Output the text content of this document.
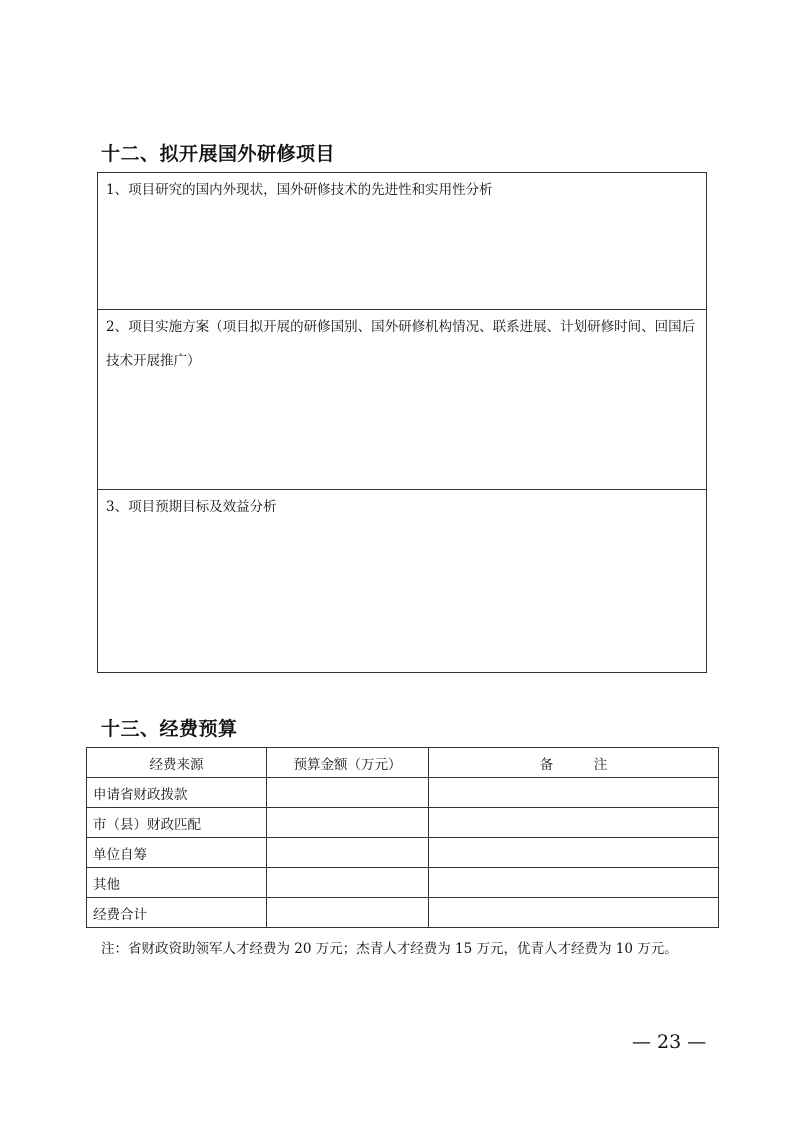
十二、拟开展国外研修项目

1、项目研究的国内外现状，国外研修技术的先进性和实用性分析

2、项目实施方案（项目拟开展的研修国别、国外研修机构情况、联系进展、计划研修时间、回国后技术开展推广）

3、项目预期目标及效益分析

十三、经费预算
经费来源	预算金额（万元）	备　　　注
申请省财政拨款		
市（县）财政匹配		
单位自筹		
其他		
经费合计		

注：省财政资助领军人才经费为 20 万元；杰青人才经费为 15 万元，优青人才经费为 10 万元。

— 23 —
